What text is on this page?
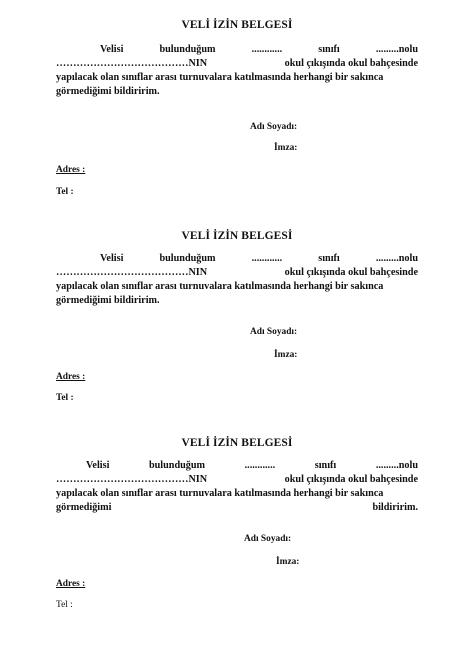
VELİ İZİN BELGESİ
Velisi	bulunduğum	............	sınıfı	.........nolu
…………………………………NIN	okul çıkışında okul bahçesinde
yapılacak olan sınıflar arası turnuvalara katılmasında herhangi bir sakınca
görmediğimi bildiririm.
Adı Soyadı:
İmza:
Adres :
Tel :
VELİ İZİN BELGESİ
Velisi	bulunduğum	............	sınıfı	.........nolu
…………………………………NIN	okul çıkışında okul bahçesinde
yapılacak olan sınıflar arası turnuvalara katılmasında herhangi bir sakınca
görmediğimi bildiririm.
Adı Soyadı:
İmza:
Adres :
Tel :
VELİ İZİN BELGESİ
Velisi	bulunduğum	............	sınıfı	.........nolu
…………………………………NIN	okul çıkışında okul bahçesinde
yapılacak olan sınıflar arası turnuvalara katılmasında herhangi bir sakınca
görmediğimi	bildiririm.
Adı Soyadı:
İmza:
Adres :
Tel :
